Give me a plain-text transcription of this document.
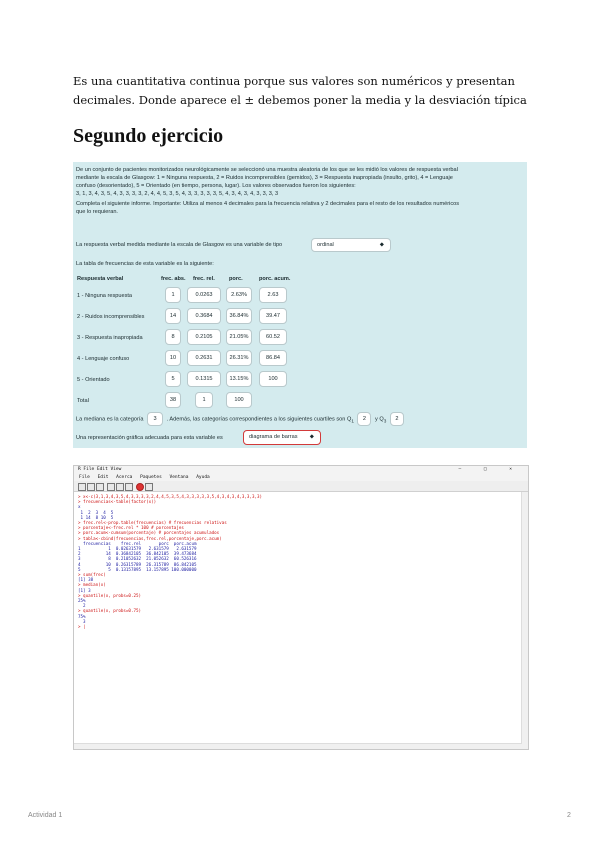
Es una cuantitativa continua porque sus valores son numéricos y presentan decimales. Donde aparece el ± debemos poner la media y la desviación típica
Segundo ejercicio
De un conjunto de pacientes monitorizados neurológicamente se seleccionó una muestra aleatoria de los que se les midió los valores de respuesta verbal
mediante la escala de Glasgow: 1 = Ninguna respuesta, 2 = Ruidos incomprensibles (gemidos), 3 = Respuesta inapropiada (insulto, grito), 4 = Lenguaje
confuso (desorientado), 5 = Orientado (en tiempo, persona, lugar). Los valores observados fueron los siguientes:
3, 1, 3, 4, 3, 5, 4, 3, 3, 3, 3, 2, 4, 4, 5, 3, 5, 4, 3, 3, 3, 3, 3, 5, 4, 3, 4, 3, 4, 3, 3, 3, 3
Completa el siguiente informe. Importante: Utiliza al menos 4 decimales para la frecuencia relativa y 2 decimales para el resto de los resultados numéricos
que lo requieran.
La respuesta verbal medida mediante la escala de Glasgow es una variable de tipo	ordinal	⬥
La tabla de frecuencias de esta variable es la siguiente:
Respuesta verbal	frec. abs. frec. rel.	porc.	porc. acum.
1 - Ninguna respuesta	1	0.0263	2.63%	2.63
2 - Ruidos incomprensibles	14	0.3684	36.84%	39.47
3 - Respuesta inapropiada	8	0.2105	21.05%	60.52
4 - Lenguaje confuso	10	0.2631	26.31%	86.84
5 - Orientado	5	0.1315	13.15%	100
Total	38	1	100
La mediana es la categoría 3 . Además, las categorías correspondientes a los siguientes cuartiles son $Q_1$ 2 y $Q_3$ 2
Una representación gráfica adecuada para esta variable es	diagrama de barras ⬥
R File Edit View	– □ ×
File Edit Acerca Paquetes Ventana Ayuda
> x<-c(3,1,3,4,3,5,4,3,3,3,3,2,4,4,5,3,5,4,3,3,3,3,3,5,4,3,4,3,4,3,3,3,3)
> frecuencias<-table(factor(x))
x
1  2  3  4  5
1 14  8 10  5
> frec.rel<-prop.table(frecuencias) # frecuencias relativas
> porcentaje<-frec.rel * 100 # porcentajes
> porc.acum<-cumsum(porcentaje) # porcentajes acumulados
> tabla<-cbind(frecuencias,frec.rel,porcentaje,porc.acum)
frecuencias    frec.rel       porc  porc.acum
1           1  0.02631579   2.631579   2.631579
2          14  0.36842105  36.842105  39.473684
3           8  0.21052632  21.052632  60.526316
4          10  0.26315789  26.315789  86.842105
5           5  0.13157895  13.157895 100.000000
> sum(frec)
[1] 38
> median(x)
[1] 3
> quantile(x, probs=0.25)
25%
2
> quantile(x, probs=0.75)
75%
3
> |
Actividad 1	2
